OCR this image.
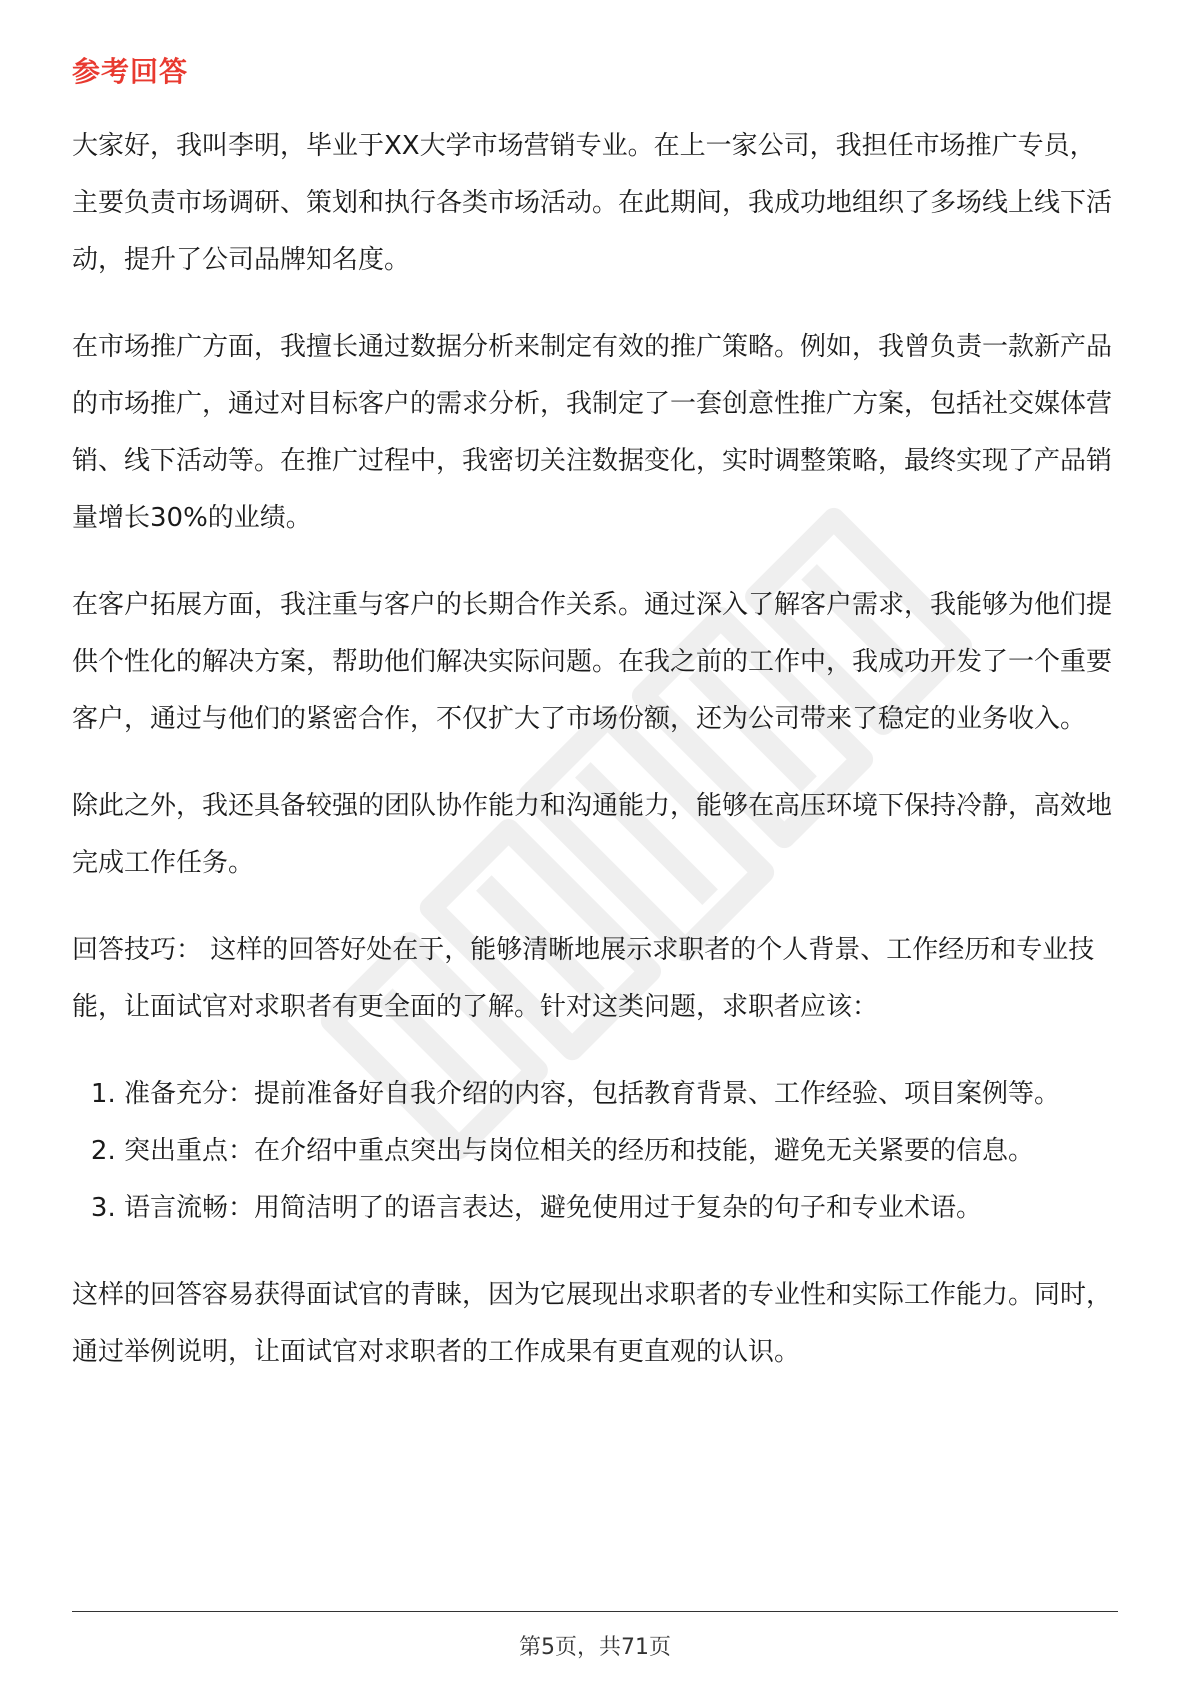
参考回答

大家好，我叫李明，毕业于XX大学市场营销专业。在上一家公司，我担任市场推广专员，主要负责市场调研、策划和执行各类市场活动。在此期间，我成功地组织了多场线上线下活动，提升了公司品牌知名度。

在市场推广方面，我擅长通过数据分析来制定有效的推广策略。例如，我曾负责一款新产品的市场推广，通过对目标客户的需求分析，我制定了一套创意性推广方案，包括社交媒体营销、线下活动等。在推广过程中，我密切关注数据变化，实时调整策略，最终实现了产品销量增长30%的业绩。

在客户拓展方面，我注重与客户的长期合作关系。通过深入了解客户需求，我能够为他们提供个性化的解决方案，帮助他们解决实际问题。在我之前的工作中，我成功开发了一个重要客户，通过与他们的紧密合作，不仅扩大了市场份额，还为公司带来了稳定的业务收入。

除此之外，我还具备较强的团队协作能力和沟通能力，能够在高压环境下保持冷静，高效地完成工作任务。

回答技巧： 这样的回答好处在于，能够清晰地展示求职者的个人背景、工作经历和专业技能，让面试官对求职者有更全面的了解。针对这类问题，求职者应该：

1. 准备充分：提前准备好自我介绍的内容，包括教育背景、工作经验、项目案例等。
2. 突出重点：在介绍中重点突出与岗位相关的经历和技能，避免无关紧要的信息。
3. 语言流畅：用简洁明了的语言表达，避免使用过于复杂的句子和专业术语。

这样的回答容易获得面试官的青睐，因为它展现出求职者的专业性和实际工作能力。同时，通过举例说明，让面试官对求职者的工作成果有更直观的认识。

第5页，共71页
